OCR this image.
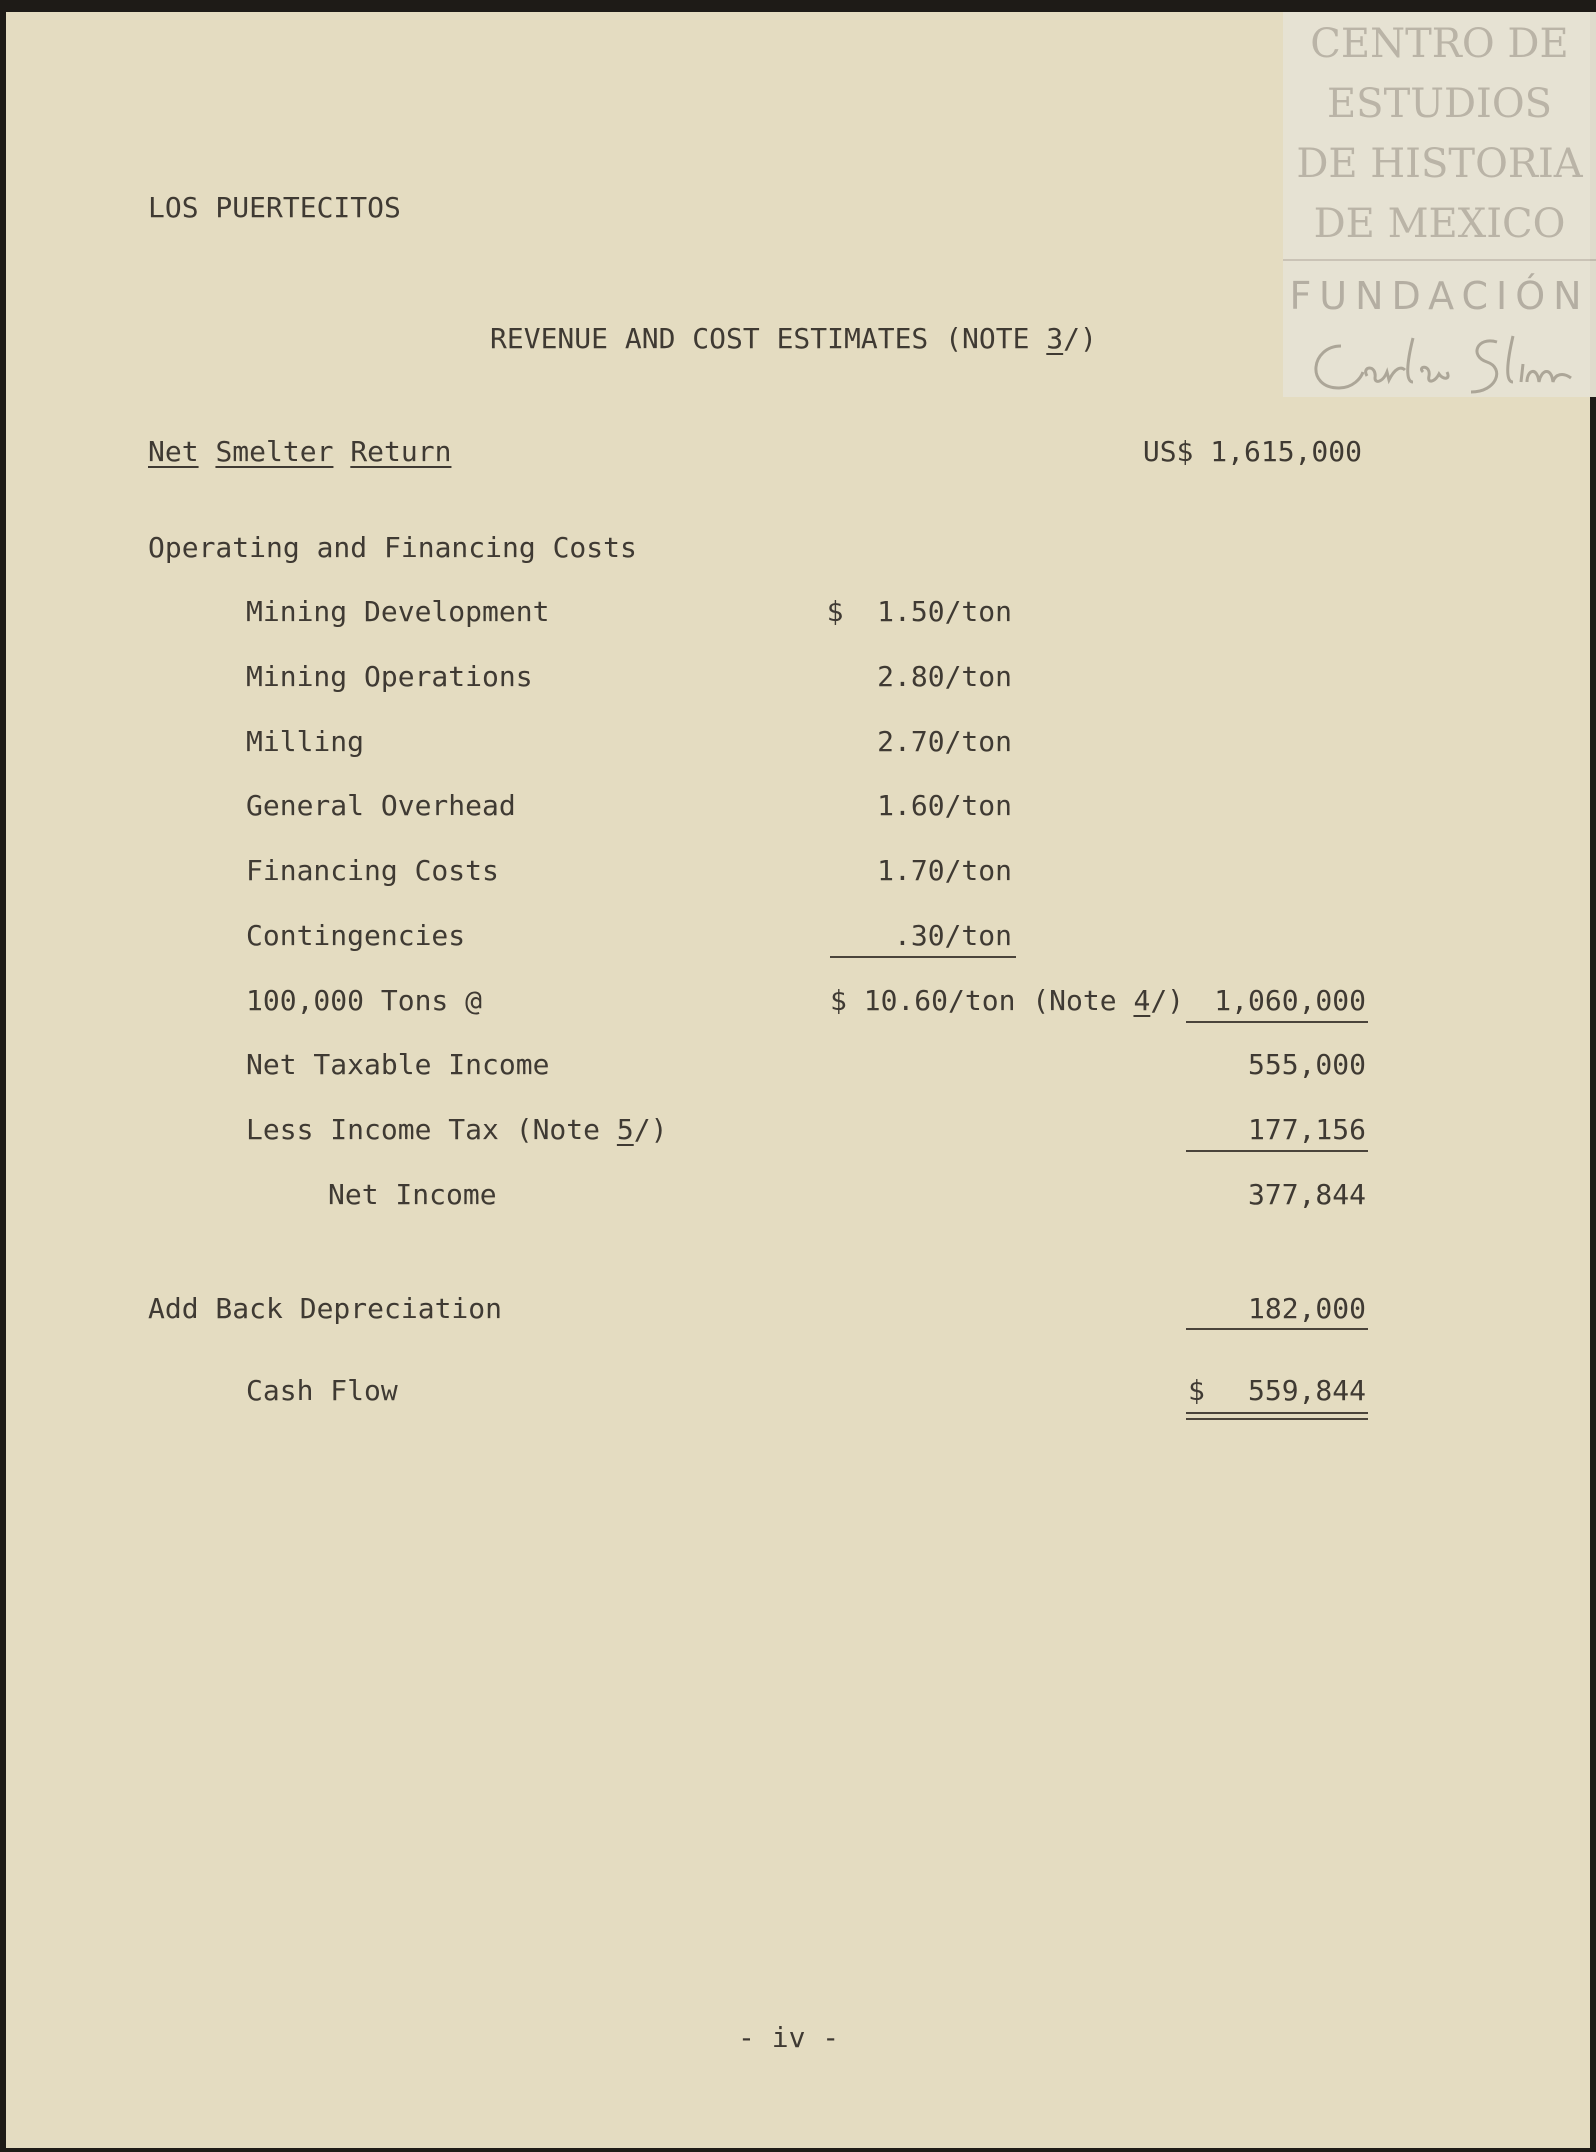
LOS PUERTECITOS
REVENUE AND COST ESTIMATES (NOTE 3/)
Net Smelter Return	US$ 1,615,000
Operating and Financing Costs
Mining Development	$  1.50/ton
Mining Operations	2.80/ton
Milling	2.70/ton
General Overhead	1.60/ton
Financing Costs	1.70/ton
Contingencies	.30/ton
100,000 Tons @	$ 10.60/ton (Note 4/)	1,060,000
Net Taxable Income	555,000
Less Income Tax (Note 5/)	177,156
Net Income	377,844
Add Back Depreciation	182,000
Cash Flow	$	559,844
- iv -
CENTRO DE
ESTUDIOS
DE HISTORIA
DE MEXICO
FUNDACIÓN
